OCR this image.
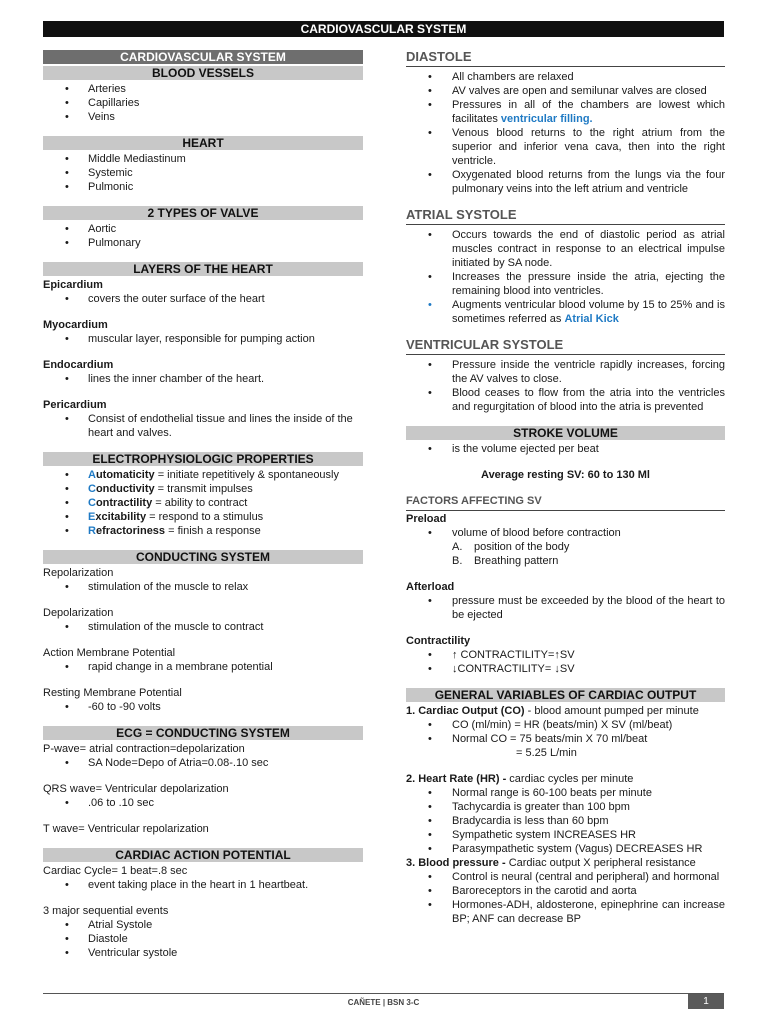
CARDIOVASCULAR SYSTEM
CARDIOVASCULAR SYSTEM
BLOOD VESSELS
• Arteries
• Capillaries
• Veins
HEART
• Middle Mediastinum
• Systemic
• Pulmonic
2 TYPES OF VALVE
• Aortic
• Pulmonary
LAYERS OF THE HEART
Epicardium
• covers the outer surface of the heart
Myocardium
• muscular layer, responsible for pumping action
Endocardium
• lines the inner chamber of the heart.
Pericardium
• Consist of endothelial tissue and lines the inside of the heart and valves.
ELECTROPHYSIOLOGIC PROPERTIES
• Automaticity = initiate repetitively & spontaneously
• Conductivity = transmit impulses
• Contractility = ability to contract
• Excitability = respond to a stimulus
• Refractoriness = finish a response
CONDUCTING SYSTEM
Repolarization
• stimulation of the muscle to relax
Depolarization
• stimulation of the muscle to contract
Action Membrane Potential
• rapid change in a membrane potential
Resting Membrane Potential
• -60 to -90 volts
ECG = CONDUCTING SYSTEM
P-wave= atrial contraction=depolarization
• SA Node=Depo of Atria=0.08-.10 sec
QRS wave= Ventricular depolarization
• .06 to .10 sec
T wave= Ventricular repolarization
CARDIAC ACTION POTENTIAL
Cardiac Cycle= 1 beat=.8 sec
• event taking place in the heart in 1 heartbeat.
3 major sequential events
• Atrial Systole
• Diastole
• Ventricular systole
DIASTOLE
• All chambers are relaxed
• AV valves are open and semilunar valves are closed
• Pressures in all of the chambers are lowest which facilitates ventricular filling.
• Venous blood returns to the right atrium from the superior and inferior vena cava, then into the right ventricle.
• Oxygenated blood returns from the lungs via the four pulmonary veins into the left atrium and ventricle
ATRIAL SYSTOLE
• Occurs towards the end of diastolic period as atrial muscles contract in response to an electrical impulse initiated by SA node.
• Increases the pressure inside the atria, ejecting the remaining blood into ventricles.
• Augments ventricular blood volume by 15 to 25% and is sometimes referred as Atrial Kick
VENTRICULAR SYSTOLE
• Pressure inside the ventricle rapidly increases, forcing the AV valves to close.
• Blood ceases to flow from the atria into the ventricles and regurgitation of blood into the atria is prevented
STROKE VOLUME
• is the volume ejected per beat
Average resting SV: 60 to 130 Ml
FACTORS AFFECTING SV
Preload
• volume of blood before contraction
A. position of the body
B. Breathing pattern
Afterload
• pressure must be exceeded by the blood of the heart to be ejected
Contractility
• ↑ CONTRACTILITY=↑SV
• ↓CONTRACTILITY= ↓SV
GENERAL VARIABLES OF CARDIAC OUTPUT
1. Cardiac Output (CO) - blood amount pumped per minute
• CO (ml/min) = HR (beats/min) X SV (ml/beat)
• Normal CO = 75 beats/min X 70 ml/beat
= 5.25 L/min
2. Heart Rate (HR) - cardiac cycles per minute
• Normal range is 60-100 beats per minute
• Tachycardia is greater than 100 bpm
• Bradycardia is less than 60 bpm
• Sympathetic system INCREASES HR
• Parasympathetic system (Vagus) DECREASES HR
3. Blood pressure - Cardiac output X peripheral resistance
• Control is neural (central and peripheral) and hormonal
• Baroreceptors in the carotid and aorta
• Hormones-ADH, aldosterone, epinephrine can increase BP; ANF can decrease BP
CAÑETE | BSN 3-C	1
